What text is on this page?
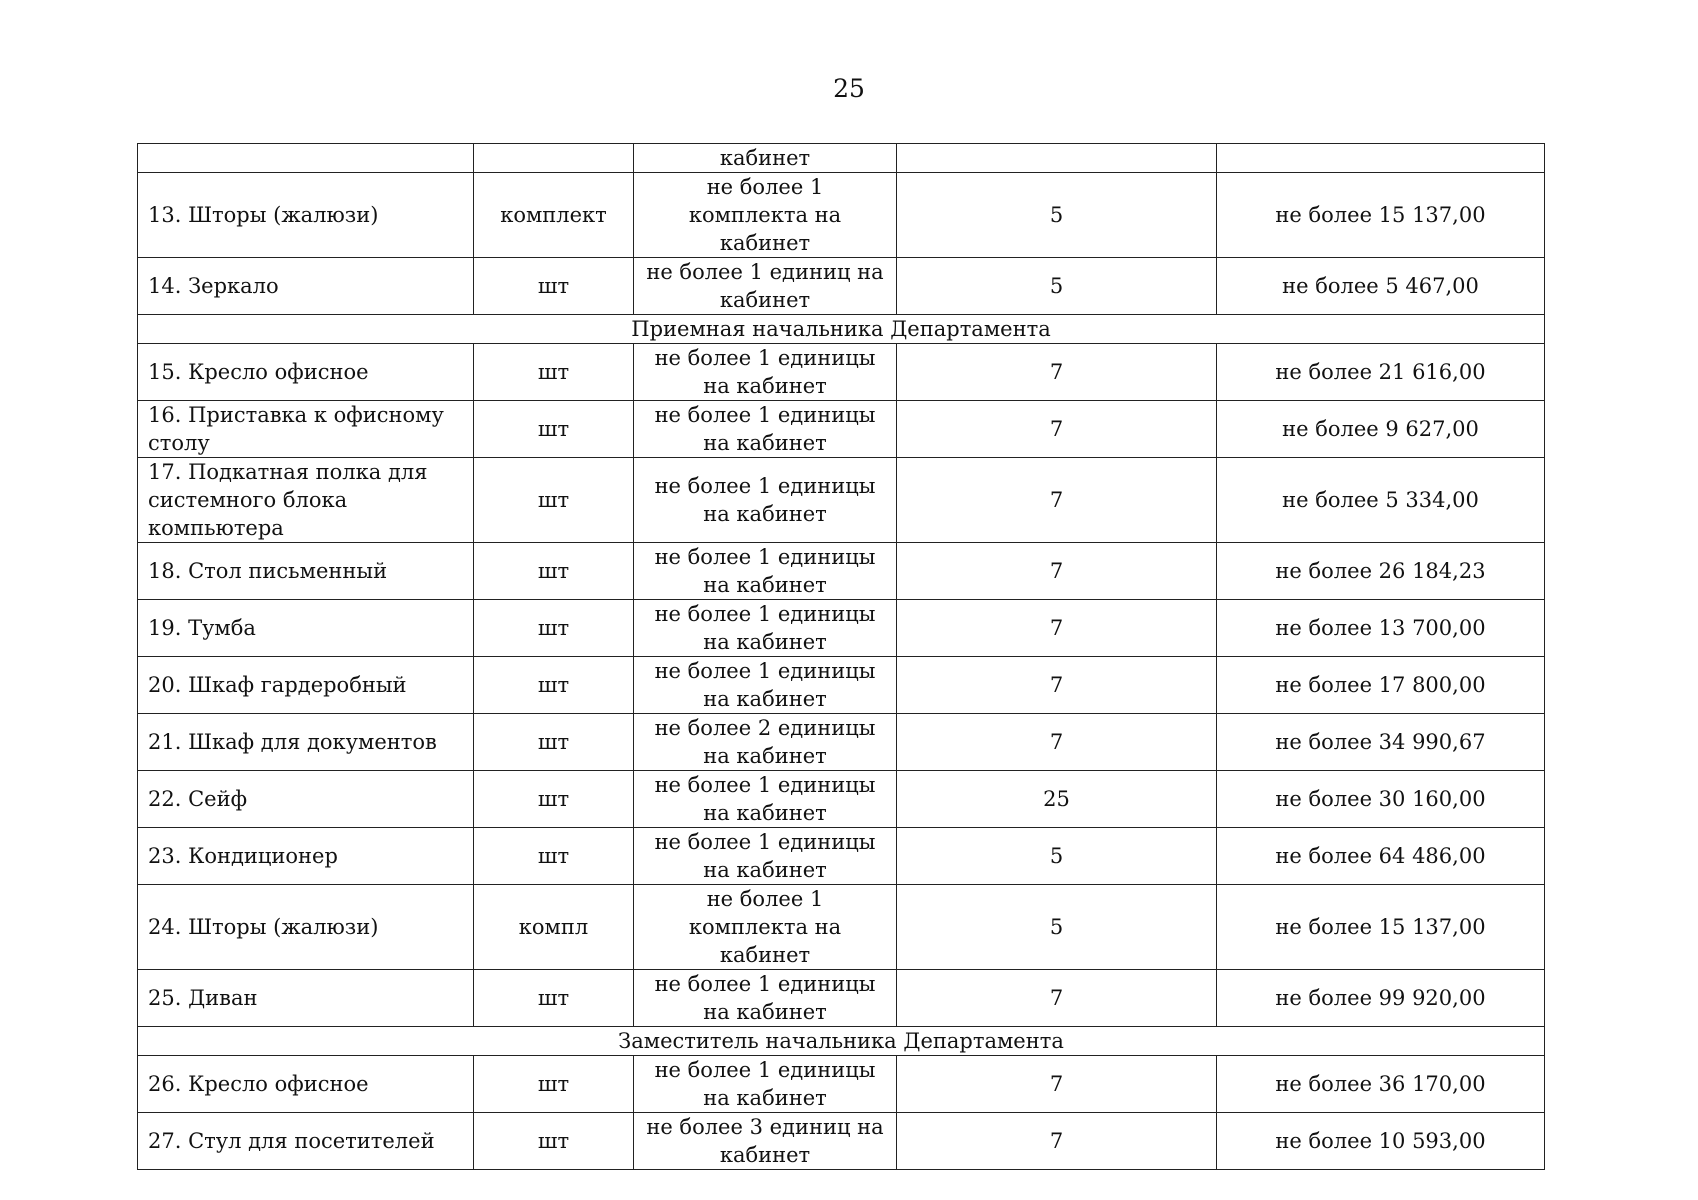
25
		кабинет		
13. Шторы (жалюзи)	комплект	не более 1 комплекта на кабинет	5	не более 15 137,00
14. Зеркало	шт	не более 1 единиц на кабинет	5	не более 5 467,00
Приемная начальника Департамента				
15. Кресло офисное	шт	не более 1 единицы на кабинет	7	не более 21 616,00
16. Приставка к офисному столу	шт	не более 1 единицы на кабинет	7	не более 9 627,00
17. Подкатная полка для системного блока компьютера	шт	не более 1 единицы на кабинет	7	не более 5 334,00
18. Стол письменный	шт	не более 1 единицы на кабинет	7	не более 26 184,23
19. Тумба	шт	не более 1 единицы на кабинет	7	не более 13 700,00
20. Шкаф гардеробный	шт	не более 1 единицы на кабинет	7	не более 17 800,00
21. Шкаф для документов	шт	не более 2 единицы на кабинет	7	не более 34 990,67
22. Сейф	шт	не более 1 единицы на кабинет	25	не более 30 160,00
23. Кондиционер	шт	не более 1 единицы на кабинет	5	не более 64 486,00
24. Шторы (жалюзи)	компл	не более 1 комплекта на кабинет	5	не более 15 137,00
25. Диван	шт	не более 1 единицы на кабинет	7	не более 99 920,00
Заместитель начальника Департамента				
26. Кресло офисное	шт	не более 1 единицы на кабинет	7	не более 36 170,00
27. Стул для посетителей	шт	не более 3 единиц на кабинет	7	не более 10 593,00
